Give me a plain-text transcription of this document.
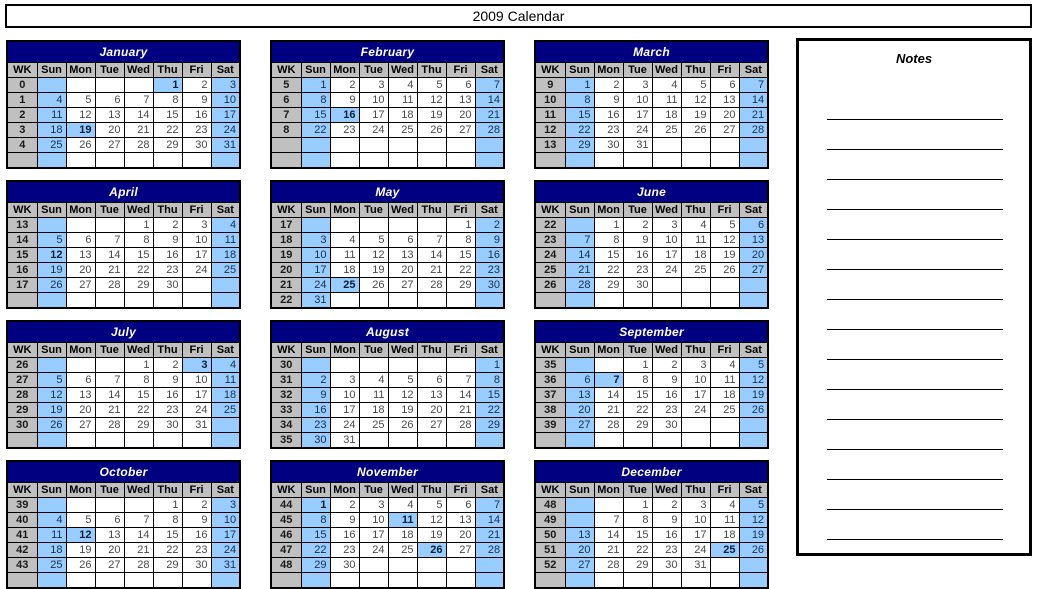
2009 Calendar
January							
WK	Sun	Mon	Tue	Wed	Thu	Fri	Sat
0					1	2	3
1	4	5	6	7	8	9	10
2	11	12	13	14	15	16	17
3	18	19	20	21	22	23	24
4	25	26	27	28	29	30	31

February							
WK	Sun	Mon	Tue	Wed	Thu	Fri	Sat
5	1	2	3	4	5	6	7
6	8	9	10	11	12	13	14
7	15	16	17	18	19	20	21
8	22	23	24	25	26	27	28

March							
WK	Sun	Mon	Tue	Wed	Thu	Fri	Sat
9	1	2	3	4	5	6	7
10	8	9	10	11	12	13	14
11	15	16	17	18	19	20	21
12	22	23	24	25	26	27	28
13	29	30	31				

April							
WK	Sun	Mon	Tue	Wed	Thu	Fri	Sat
13				1	2	3	4
14	5	6	7	8	9	10	11
15	12	13	14	15	16	17	18
16	19	20	21	22	23	24	25
17	26	27	28	29	30		

May							
WK	Sun	Mon	Tue	Wed	Thu	Fri	Sat
17						1	2
18	3	4	5	6	7	8	9
19	10	11	12	13	14	15	16
20	17	18	19	20	21	22	23
21	24	25	26	27	28	29	30
22	31						
June							
WK	Sun	Mon	Tue	Wed	Thu	Fri	Sat
22		1	2	3	4	5	6
23	7	8	9	10	11	12	13
24	14	15	16	17	18	19	20
25	21	22	23	24	25	26	27
26	28	29	30				

July							
WK	Sun	Mon	Tue	Wed	Thu	Fri	Sat
26				1	2	3	4
27	5	6	7	8	9	10	11
28	12	13	14	15	16	17	18
29	19	20	21	22	23	24	25
30	26	27	28	29	30	31	

August							
WK	Sun	Mon	Tue	Wed	Thu	Fri	Sat
30							1
31	2	3	4	5	6	7	8
32	9	10	11	12	13	14	15
33	16	17	18	19	20	21	22
34	23	24	25	26	27	28	29
35	30	31					
September							
WK	Sun	Mon	Tue	Wed	Thu	Fri	Sat
35			1	2	3	4	5
36	6	7	8	9	10	11	12
37	13	14	15	16	17	18	19
38	20	21	22	23	24	25	26
39	27	28	29	30			

October							
WK	Sun	Mon	Tue	Wed	Thu	Fri	Sat
39					1	2	3
40	4	5	6	7	8	9	10
41	11	12	13	14	15	16	17
42	18	19	20	21	22	23	24
43	25	26	27	28	29	30	31

November							
WK	Sun	Mon	Tue	Wed	Thu	Fri	Sat
44	1	2	3	4	5	6	7
45	8	9	10	11	12	13	14
46	15	16	17	18	19	20	21
47	22	23	24	25	26	27	28
48	29	30					

December							
WK	Sun	Mon	Tue	Wed	Thu	Fri	Sat
48			1	2	3	4	5
49		7	8	9	10	11	12
50	13	14	15	16	17	18	19
51	20	21	22	23	24	25	26
52	27	28	29	30	31		

Notes
